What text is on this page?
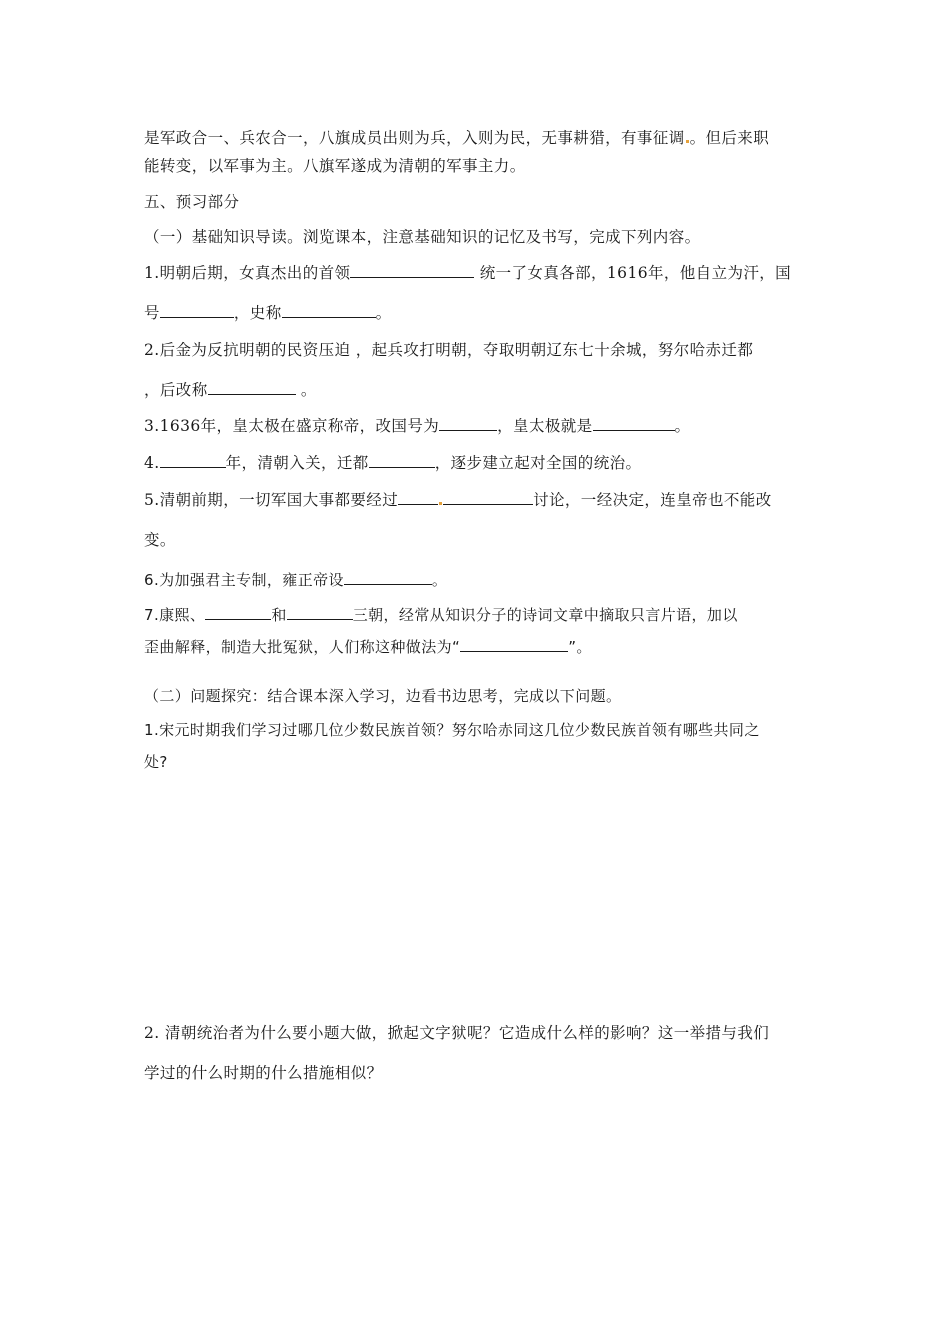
是军政合一、兵农合一，八旗成员出则为兵，入则为民，无事耕猎，有事征调 。但后来职
能转变，以军事为主。八旗军遂成为清朝的军事主力。
五、预习部分
（一）基础知识导读。浏览课本，注意基础知识的记忆及书写，完成下列内容。
1.明朝后期，女真杰出的首领	统一了女真各部，1616年，他自立为汗，国
号	，史称	。
2.后金为反抗明朝的民资压迫 ，起兵攻打明朝，夺取明朝辽东七十余城，努尔哈赤迁都
，后改称	。
3.1636年，皇太极在盛京称帝，改国号为	，皇太极就是	。
4.	年，清朝入关，迁都	，逐步建立起对全国的统治。
5.清朝前期，一切军国大事都要经过	讨论，一经决定，连皇帝也不能改
变。
6.为加强君主专制，雍正帝设	。
7.康熙、	和	三朝，经常从知识分子的诗词文章中摘取只言片语，加以
歪曲解释，制造大批冤狱，人们称这种做法为“	”。
（二）问题探究：结合课本深入学习，边看书边思考，完成以下问题。
1.宋元时期我们学习过哪几位少数民族首领？努尔哈赤同这几位少数民族首领有哪些共同之
处?
2. 清朝统治者为什么要小题大做，掀起文字狱呢？它造成什么样的影响？这一举措与我们
学过的什么时期的什么措施相似？
